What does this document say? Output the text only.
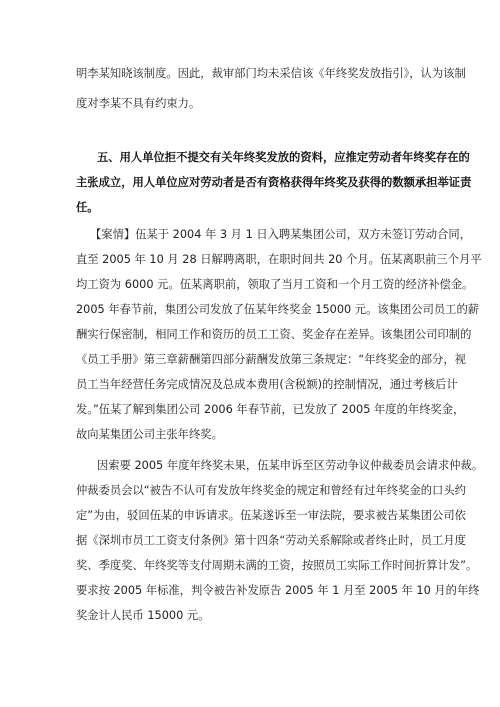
明李某知晓该制度。因此，裁审部门均未采信该《年终奖发放指引》，认为该制
度对李某不具有约束力。
五、用人单位拒不提交有关年终奖发放的资料，应推定劳动者年终奖存在的
主张成立，用人单位应对劳动者是否有资格获得年终奖及获得的数额承担举证责
任。
【案情】伍某于 2004 年 3 月 1 日入聘某集团公司，双方未签订劳动合同，
直至 2005 年 10 月 28 日解聘离职，在职时间共 20 个月。伍某离职前三个月平
均工资为 6000 元。伍某离职前，领取了当月工资和一个月工资的经济补偿金。
2005 年春节前，集团公司发放了伍某年终奖金 15000 元。该集团公司员工的薪
酬实行保密制，相同工作和资历的员工工资、奖金存在差异。该集团公司印制的
《员工手册》第三章薪酬第四部分薪酬发放第三条规定：“年终奖金的部分，视
员工当年经营任务完成情况及总成本费用(含税额)的控制情况，通过考核后计
发。”伍某了解到集团公司 2006 年春节前，已发放了 2005 年度的年终奖金，
故向某集团公司主张年终奖。
因索要 2005 年度年终奖未果，伍某申诉至区劳动争议仲裁委员会请求仲裁。
仲裁委员会以“被告不认可有发放年终奖金的规定和曾经有过年终奖金的口头约
定”为由，驳回伍某的申诉请求。伍某遂诉至一审法院，要求被告某集团公司依
据《深圳市员工工资支付条例》第十四条“劳动关系解除或者终止时，员工月度
奖、季度奖、年终奖等支付周期未满的工资，按照员工实际工作时间折算计发”。
要求按 2005 年标准，判令被告补发原告 2005 年 1 月至 2005 年 10 月的年终
奖金计人民币 15000 元。
